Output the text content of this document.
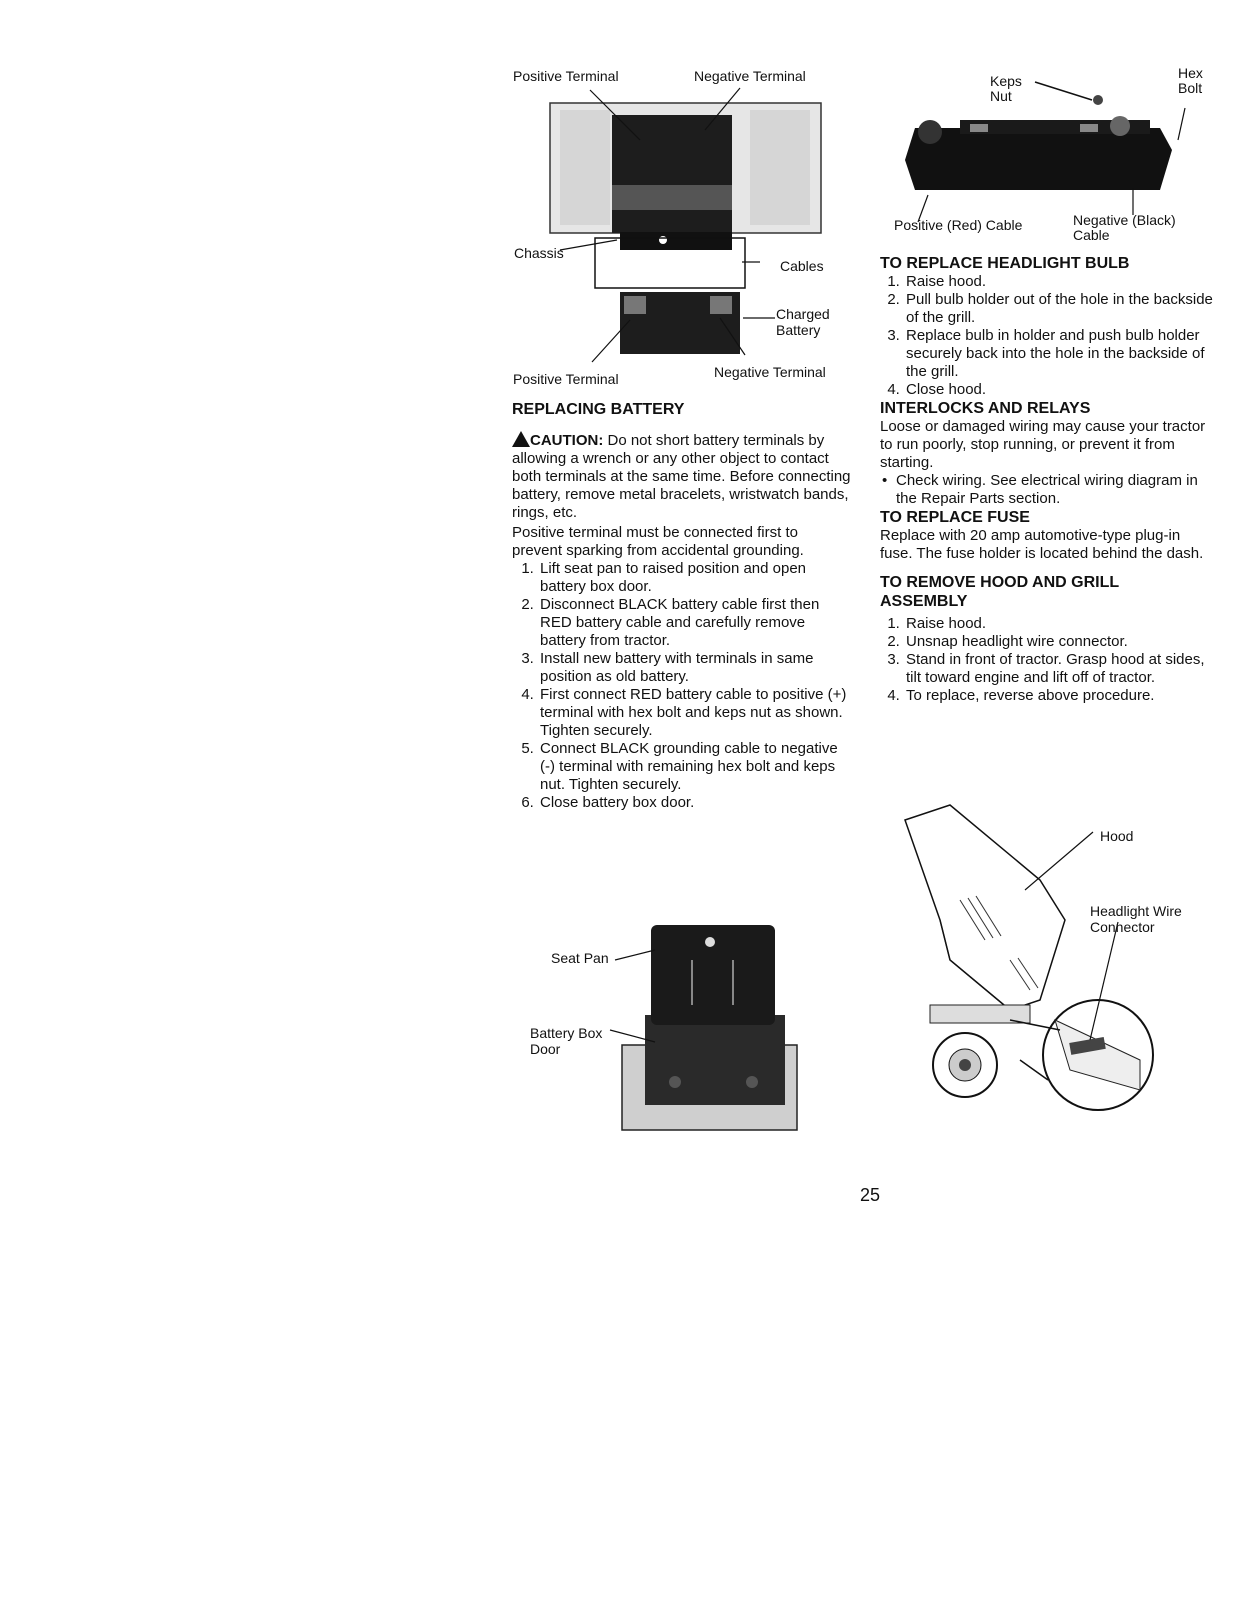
Positive Terminal	Negative Terminal
Chassis
Cables
Charged Battery
Positive Terminal	Negative Terminal
REPLACING BATTERY
CAUTION: Do not short battery terminals by allowing a wrench or any other object to contact both terminals at the same time. Before connecting battery, remove metal bracelets, wristwatch bands, rings, etc.
Positive terminal must be connected first to prevent sparking from accidental grounding.
1. Lift seat pan to raised position and open battery box door.
2. Disconnect BLACK battery cable first then RED battery cable and carefully remove battery from tractor.
3. Install new battery with terminals in same position as old battery.
4. First connect RED battery cable to positive (+) terminal with hex bolt and keps nut as shown. Tighten securely.
5. Connect BLACK grounding cable to negative (-) terminal with remaining hex bolt and keps nut. Tighten securely.
6. Close battery box door.
Seat Pan
Battery Box Door
Keps Nut
Hex Bolt
Positive (Red) Cable	Negative (Black) Cable
TO REPLACE HEADLIGHT BULB
1. Raise hood.
2. Pull bulb holder out of the hole in the backside of the grill.
3. Replace bulb in holder and push bulb holder securely back into the hole in the backside of the grill.
4. Close hood.
INTERLOCKS AND RELAYS
Loose or damaged wiring may cause your tractor to run poorly, stop running, or prevent it from starting.
• Check wiring. See electrical wiring diagram in the Repair Parts section.
TO REPLACE FUSE
Replace with 20 amp automotive-type plug-in fuse. The fuse holder is located behind the dash.
TO REMOVE HOOD AND GRILL ASSEMBLY
1. Raise hood.
2. Unsnap headlight wire connector.
3. Stand in front of tractor. Grasp hood at sides, tilt toward engine and lift off of tractor.
4. To replace, reverse above procedure.
Hood
Headlight Wire Connector
25
